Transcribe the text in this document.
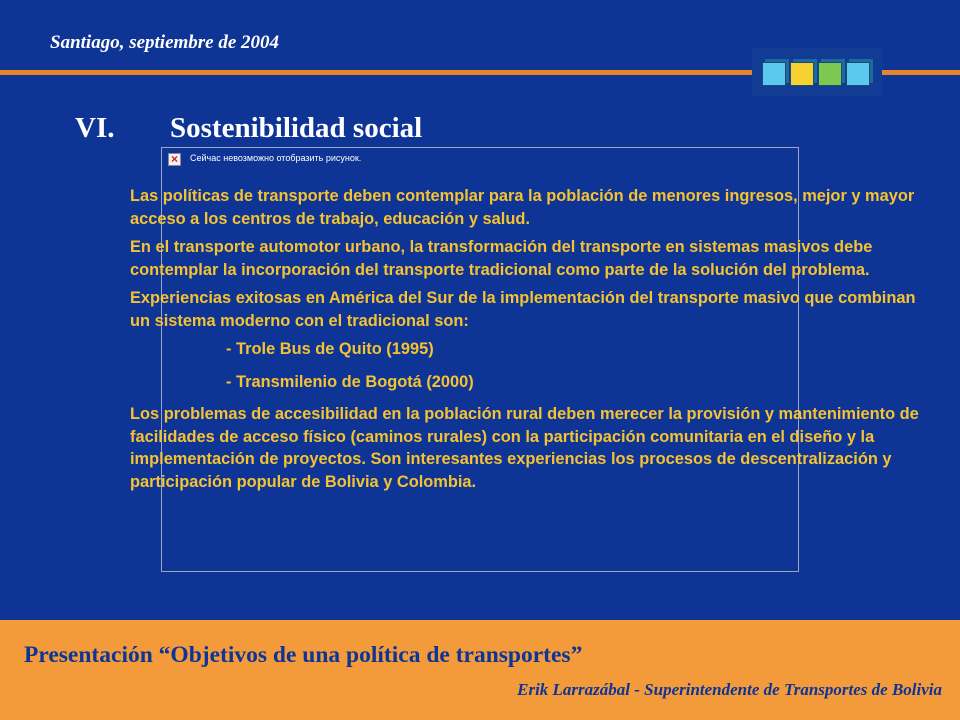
Santiago, septiembre de 2004
VI. Sostenibilidad social
×	Сейчас невозможно отобразить рисунок.

Las políticas de transporte deben contemplar para la población de menores ingresos, mejor y mayor acceso a los centros de trabajo, educación y salud.

En el transporte automotor urbano, la transformación del transporte en sistemas masivos debe contemplar la incorporación del transporte tradicional como parte de la solución del problema.

Experiencias exitosas en América del Sur de la implementación del transporte masivo que combinan un sistema moderno con el tradicional son:

- Trole Bus de Quito (1995)

- Transmilenio de Bogotá (2000)

Los problemas de accesibilidad en la población rural deben merecer la provisión y mantenimiento de facilidades de acceso físico (caminos rurales) con la participación comunitaria en el diseño y la implementación de proyectos. Son interesantes experiencias los procesos de descentralización y participación popular de Bolivia y Colombia.

Presentación “Objetivos de una política de transportes”
Erik Larrazábal - Superintendente de Transportes de Bolivia
